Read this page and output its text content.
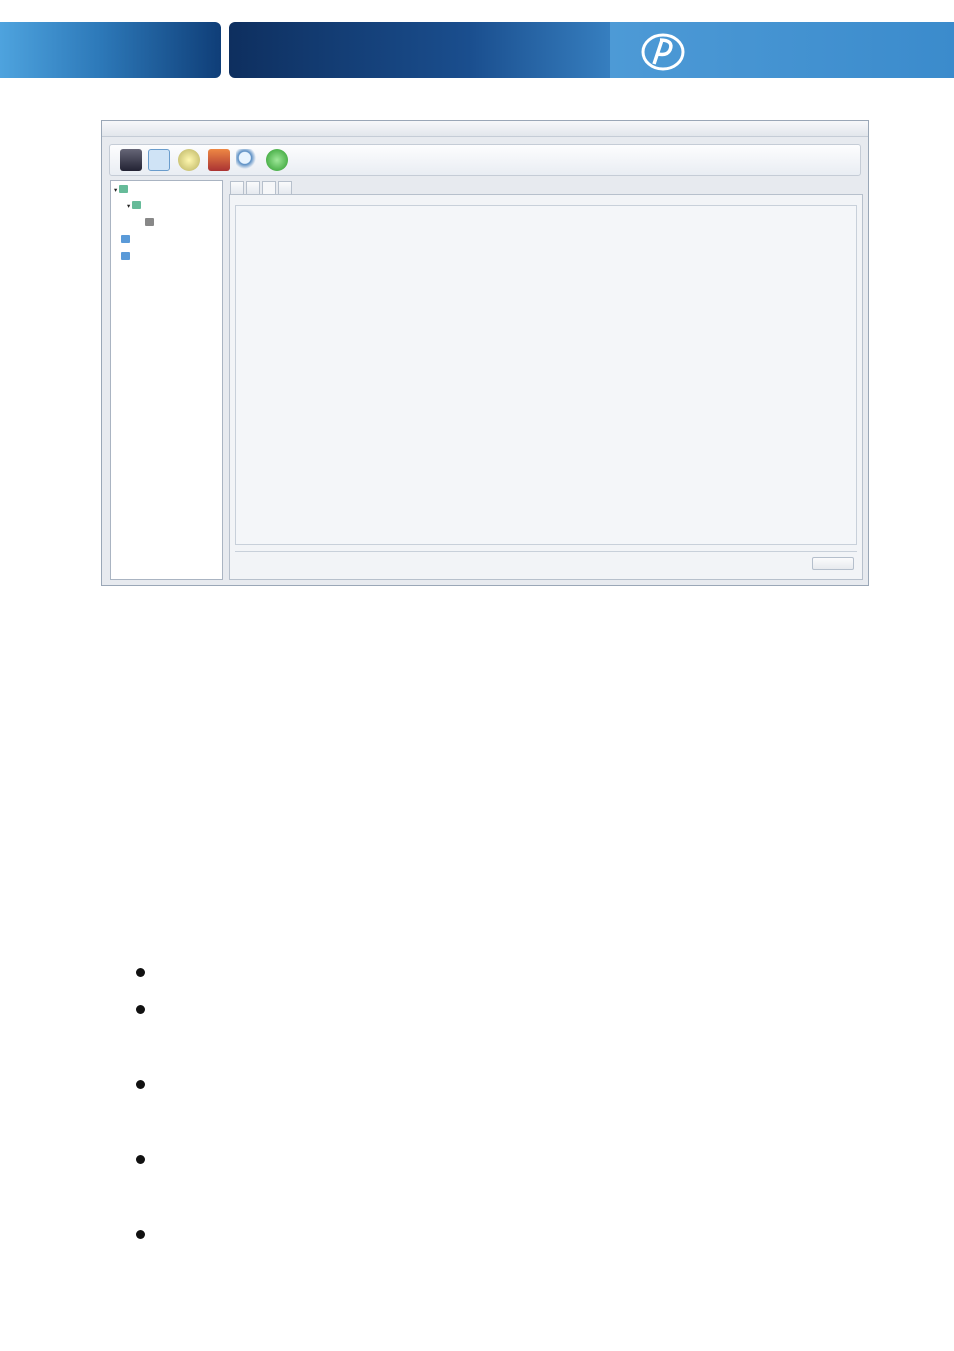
▾
▾
